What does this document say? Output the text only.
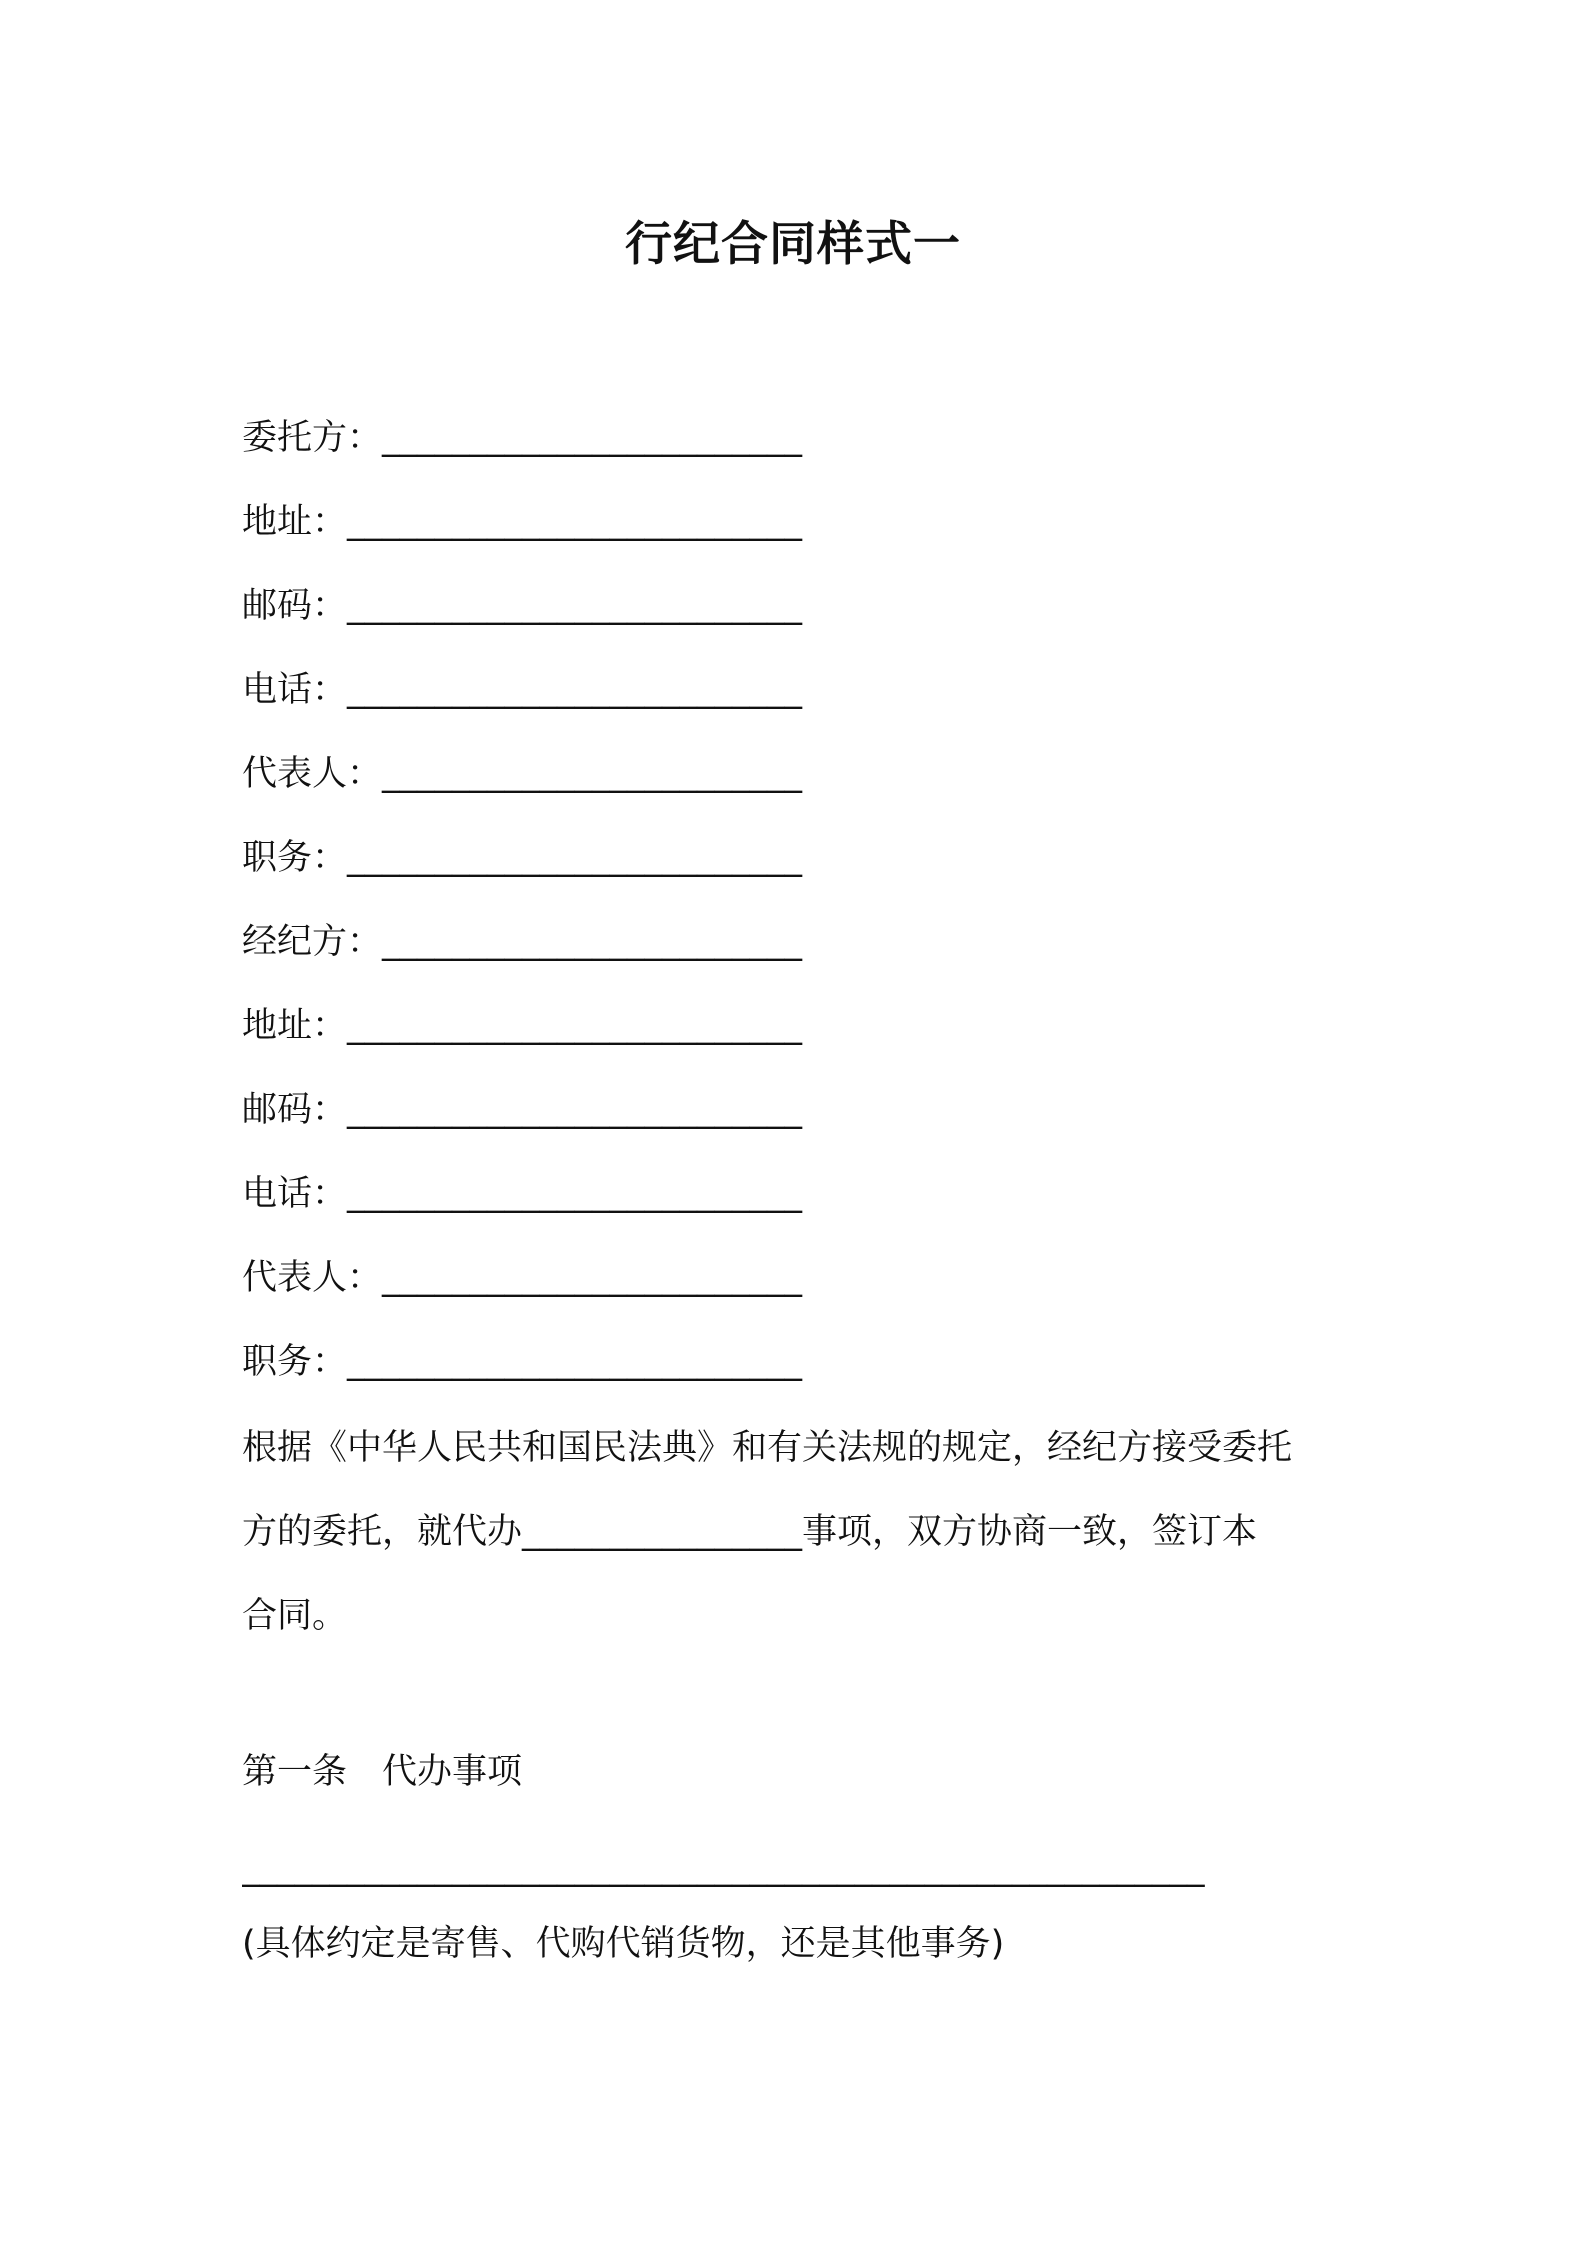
行纪合同样式一
委托方：________________________
地址：__________________________
邮码：__________________________
电话：__________________________
代表人：________________________
职务：__________________________
经纪方：________________________
地址：__________________________
邮码：__________________________
电话：__________________________
代表人：________________________
职务：__________________________
根据《中华人民共和国民法典》和有关法规的规定，经纪方接受委托
方的委托，就代办________________事项，双方协商一致，签订本
合同。
第一条　代办事项
_______________________________________________________
(具体约定是寄售、代购代销货物，还是其他事务)
